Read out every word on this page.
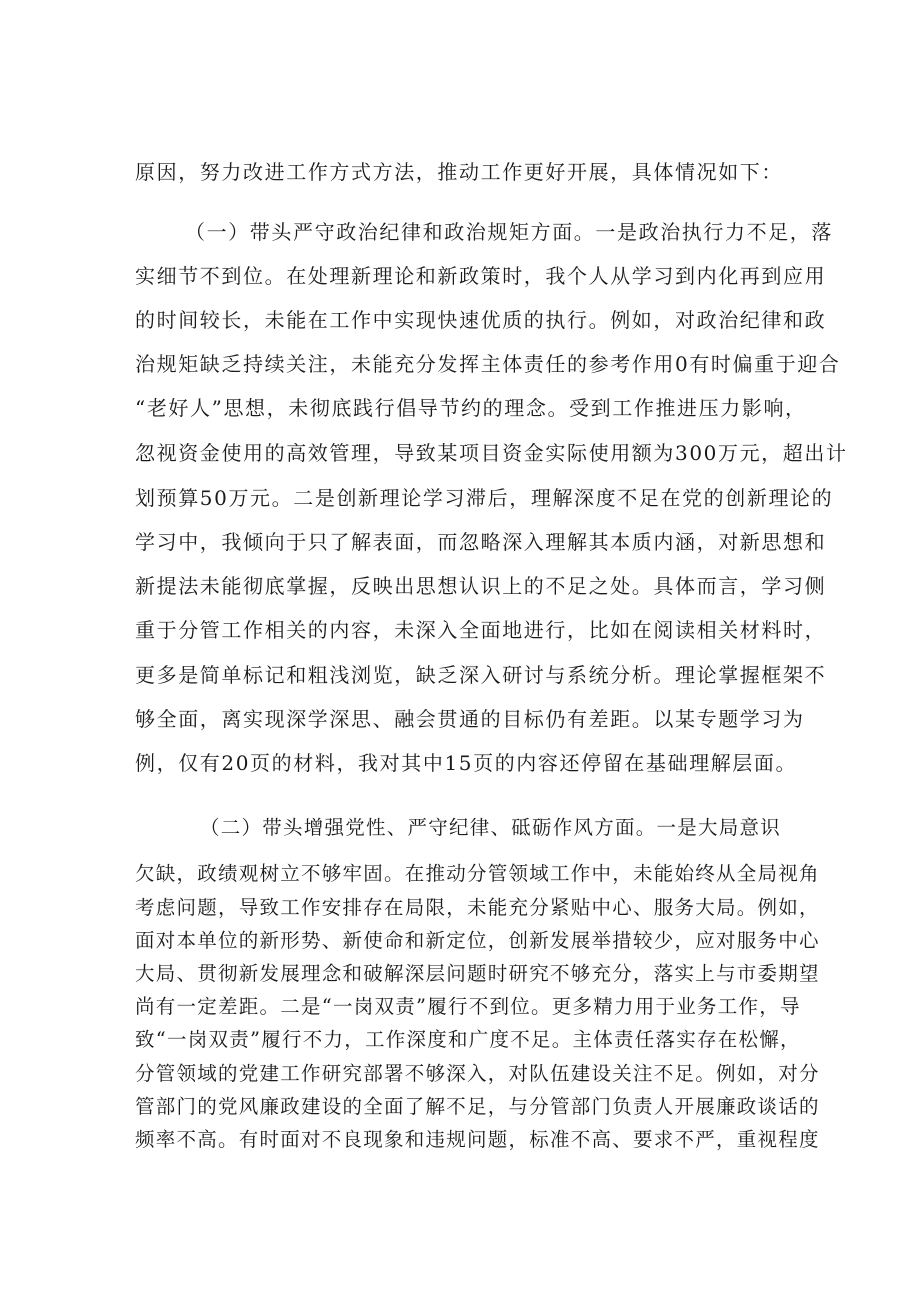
原因，努力改进工作方式方法，推动工作更好开展，具体情况如下：
（一）带头严守政治纪律和政治规矩方面。一是政治执行力不足，落
实细节不到位。在处理新理论和新政策时，我个人从学习到内化再到应用
的时间较长，未能在工作中实现快速优质的执行。例如，对政治纪律和政
治规矩缺乏持续关注，未能充分发挥主体责任的参考作用0有时偏重于迎合
“老好人”思想，未彻底践行倡导节约的理念。受到工作推进压力影响，
忽视资金使用的高效管理，导致某项目资金实际使用额为300万元，超出计
划预算50万元。二是创新理论学习滞后，理解深度不足在党的创新理论的
学习中，我倾向于只了解表面，而忽略深入理解其本质内涵，对新思想和
新提法未能彻底掌握，反映出思想认识上的不足之处。具体而言，学习侧
重于分管工作相关的内容，未深入全面地进行，比如在阅读相关材料时，
更多是简单标记和粗浅浏览，缺乏深入研讨与系统分析。理论掌握框架不
够全面，离实现深学深思、融会贯通的目标仍有差距。以某专题学习为
例，仅有20页的材料，我对其中15页的内容还停留在基础理解层面。
（二）带头增强党性、严守纪律、砥砺作风方面。一是大局意识
欠缺，政绩观树立不够牢固。在推动分管领域工作中，未能始终从全局视角
考虑问题，导致工作安排存在局限，未能充分紧贴中心、服务大局。例如，
面对本单位的新形势、新使命和新定位，创新发展举措较少，应对服务中心
大局、贯彻新发展理念和破解深层问题时研究不够充分，落实上与市委期望
尚有一定差距。二是“一岗双责”履行不到位。更多精力用于业务工作，导
致“一岗双责”履行不力，工作深度和广度不足。主体责任落实存在松懈，
分管领域的党建工作研究部署不够深入，对队伍建设关注不足。例如，对分
管部门的党风廉政建设的全面了解不足，与分管部门负责人开展廉政谈话的
频率不高。有时面对不良现象和违规问题，标准不高、要求不严，重视程度
